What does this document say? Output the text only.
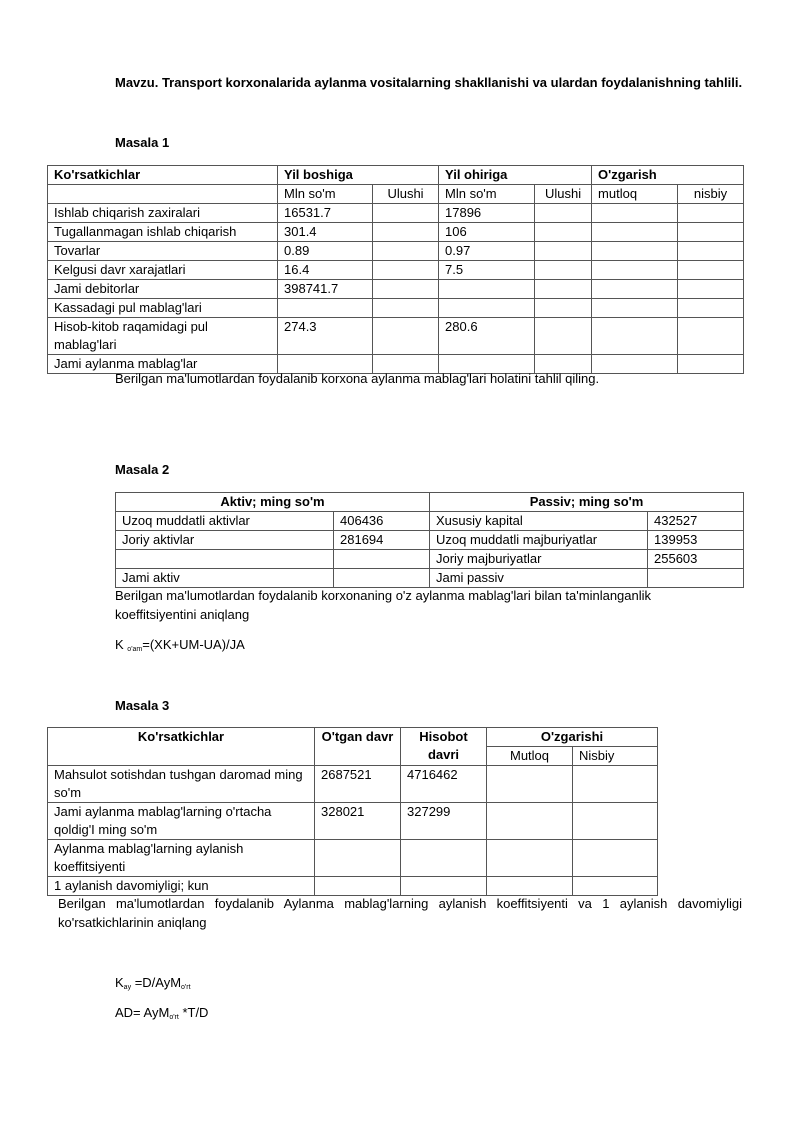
Mavzu. Transport korxonalarida aylanma vositalarning shakllanishi va ulardan foydalanishning tahlili.
Masala 1
Ko'rsatkichlar	Yil boshiga		Yil ohiriga		O'zgarish	
	Mln so'm	Ulushi	Mln so'm	Ulushi	mutloq	nisbiy
Ishlab chiqarish zaxiralari	16531.7		17896			
Tugallanmagan ishlab chiqarish	301.4		106			
Tovarlar	0.89		0.97			
Kelgusi davr xarajatlari	16.4		7.5			
Jami debitorlar	398741.7					
Kassadagi pul mablag'lari						
Hisob-kitob raqamidagi pul mablag'lari	274.3		280.6			
Jami aylanma mablag'lar						
Berilgan ma'lumotlardan foydalanib korxona aylanma mablag'lari holatini tahlil qiling.
Masala 2
Aktiv; ming so'm		Passiv; ming so'm	
Uzoq muddatli aktivlar	406436	Xususiy kapital	432527
Joriy aktivlar	281694	Uzoq muddatli majburiyatlar	139953
		Joriy majburiyatlar	255603
Jami aktiv		Jami passiv	
Berilgan ma'lumotlardan foydalanib korxonaning o'z aylanma mablag'lari bilan ta'minlanganlik koeffitsiyentini aniqlang
K $_{o'am}$=(XK+UM-UA)/JA
Masala 3
Ko'rsatkichlar	O'tgan davr	Hisobot davri	O'zgarishi	
			Mutloq	Nisbiy
Mahsulot sotishdan tushgan daromad ming so'm	2687521	4716462		
Jami aylanma mablag'larning o'rtacha qoldig'I ming so'm	328021	327299		
Aylanma mablag'larning aylanish koeffitsiyenti				
1 aylanish davomiyligi; kun				
Berilgan ma'lumotlardan foydalanib Aylanma mablag'larning aylanish koeffitsiyenti va 1 aylanish davomiyligi ko'rsatkichlarinin aniqlang
$K_{ay} =D/AyM_{o'rt}$
AD= AyM$_{o'rt}$ *T/D
